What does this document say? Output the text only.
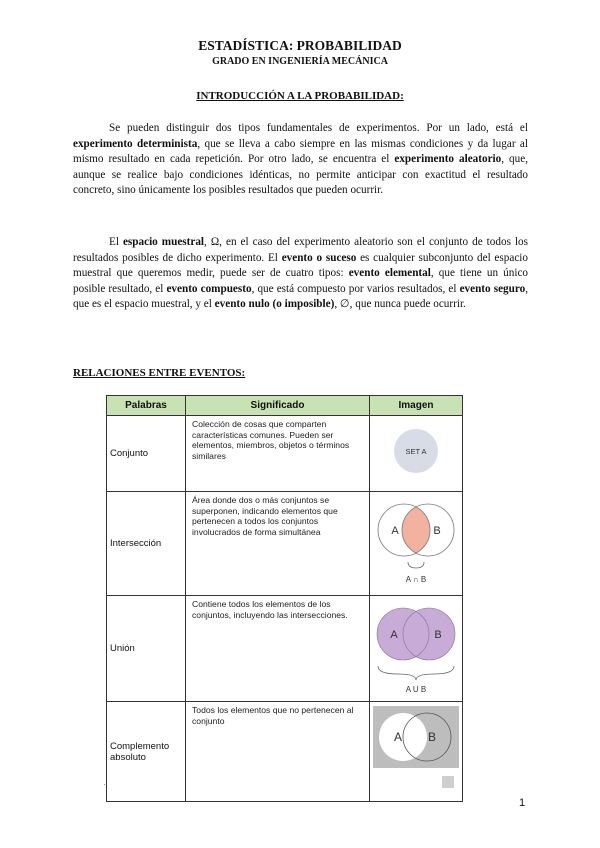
ESTADÍSTICA: PROBABILIDAD
GRADO EN INGENIERÍA MECÁNICA
INTRODUCCIÓN A LA PROBABILIDAD:
Se pueden distinguir dos tipos fundamentales de experimentos. Por un lado, está el experimento determinista, que se lleva a cabo siempre en las mismas condiciones y da lugar al mismo resultado en cada repetición. Por otro lado, se encuentra el experimento aleatorio, que, aunque se realice bajo condiciones idénticas, no permite anticipar con exactitud el resultado concreto, sino únicamente los posibles resultados que pueden ocurrir.
El espacio muestral, Ω, en el caso del experimento aleatorio son el conjunto de todos los resultados posibles de dicho experimento. El evento o suceso es cualquier subconjunto del espacio muestral que queremos medir, puede ser de cuatro tipos: evento elemental, que tiene un único posible resultado, el evento compuesto, que está compuesto por varios resultados, el evento seguro, que es el espacio muestral, y el evento nulo (o imposible), ∅, que nunca puede ocurrir.
RELACIONES ENTRE EVENTOS:
Palabras	Significado	Imagen
Conjunto	Colección de cosas que comparten características comunes. Pueden ser elementos, miembros, objetos o términos similares	SET A

Intersección	Área donde dos o más conjuntos se superponen, indicando elementos que pertenecen a todos los conjuntos involucrados de forma simultánea	A B
A ∩ B

Unión	Contiene todos los elementos de los conjuntos, incluyendo las intersecciones.	A B
A U B

Complemento absoluto	Todos los elementos que no pertenecen al conjunto	A B
·
1
